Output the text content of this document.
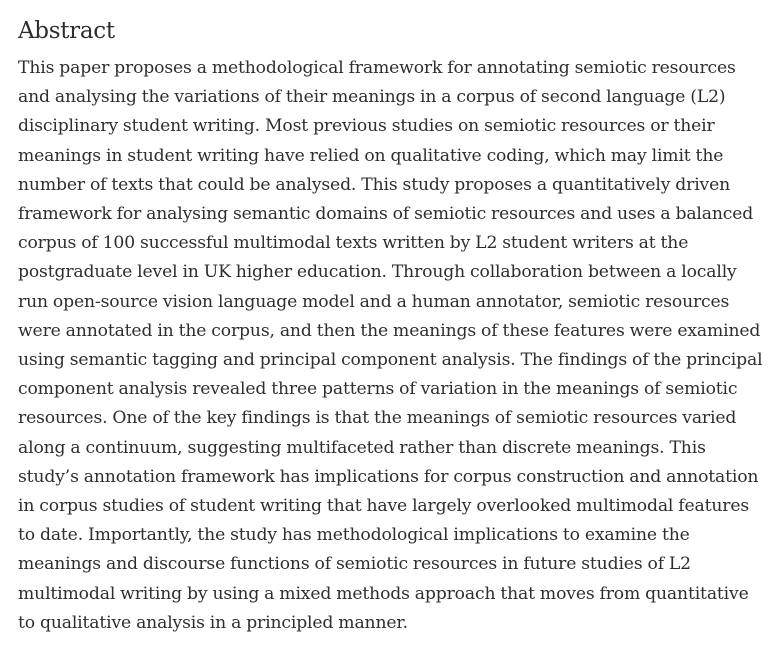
Abstract

This paper proposes a methodological framework for annotating semiotic resources and analysing the variations of their meanings in a corpus of second language (L2) disciplinary student writing. Most previous studies on semiotic resources or their meanings in student writing have relied on qualitative coding, which may limit the number of texts that could be analysed. This study proposes a quantitatively driven framework for analysing semantic domains of semiotic resources and uses a balanced corpus of 100 successful multimodal texts written by L2 student writers at the postgraduate level in UK higher education. Through collaboration between a locally run open-source vision language model and a human annotator, semiotic resources were annotated in the corpus, and then the meanings of these features were examined using semantic tagging and principal component analysis. The findings of the principal component analysis revealed three patterns of variation in the meanings of semiotic resources. One of the key findings is that the meanings of semiotic resources varied along a continuum, suggesting multifaceted rather than discrete meanings. This study’s annotation framework has implications for corpus construction and annotation in corpus studies of student writing that have largely overlooked multimodal features to date. Importantly, the study has methodological implications to examine the meanings and discourse functions of semiotic resources in future studies of L2 multimodal writing by using a mixed methods approach that moves from quantitative to qualitative analysis in a principled manner.
